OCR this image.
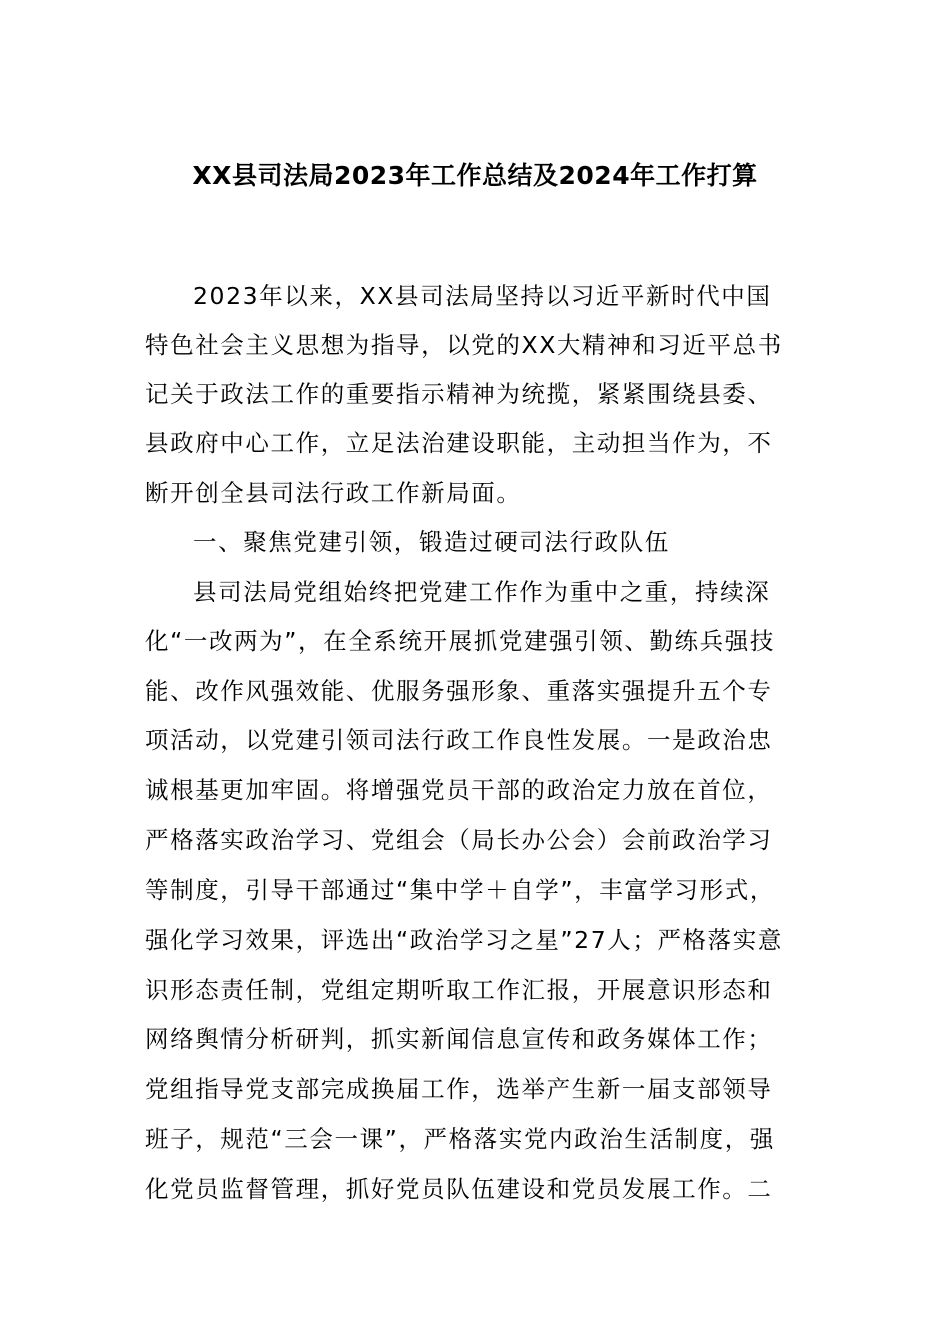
XX县司法局2023年工作总结及2024年工作打算

2023年以来，XX县司法局坚持以习近平新时代中国

特色社会主义思想为指导，以党的XX大精神和习近平总书

记关于政法工作的重要指示精神为统揽，紧紧围绕县委、

县政府中心工作，立足法治建设职能，主动担当作为，不

断开创全县司法行政工作新局面。

一、聚焦党建引领，锻造过硬司法行政队伍

县司法局党组始终把党建工作作为重中之重，持续深

化“一改两为”，在全系统开展抓党建强引领、勤练兵强技

能、改作风强效能、优服务强形象、重落实强提升五个专

项活动，以党建引领司法行政工作良性发展。一是政治忠

诚根基更加牢固。将增强党员干部的政治定力放在首位，

严格落实政治学习、党组会（局长办公会）会前政治学习

等制度，引导干部通过“集中学＋自学”，丰富学习形式，

强化学习效果，评选出“政治学习之星”27人；严格落实意

识形态责任制，党组定期听取工作汇报，开展意识形态和

网络舆情分析研判，抓实新闻信息宣传和政务媒体工作；

党组指导党支部完成换届工作，选举产生新一届支部领导

班子，规范“三会一课”，严格落实党内政治生活制度，强

化党员监督管理，抓好党员队伍建设和党员发展工作。二
